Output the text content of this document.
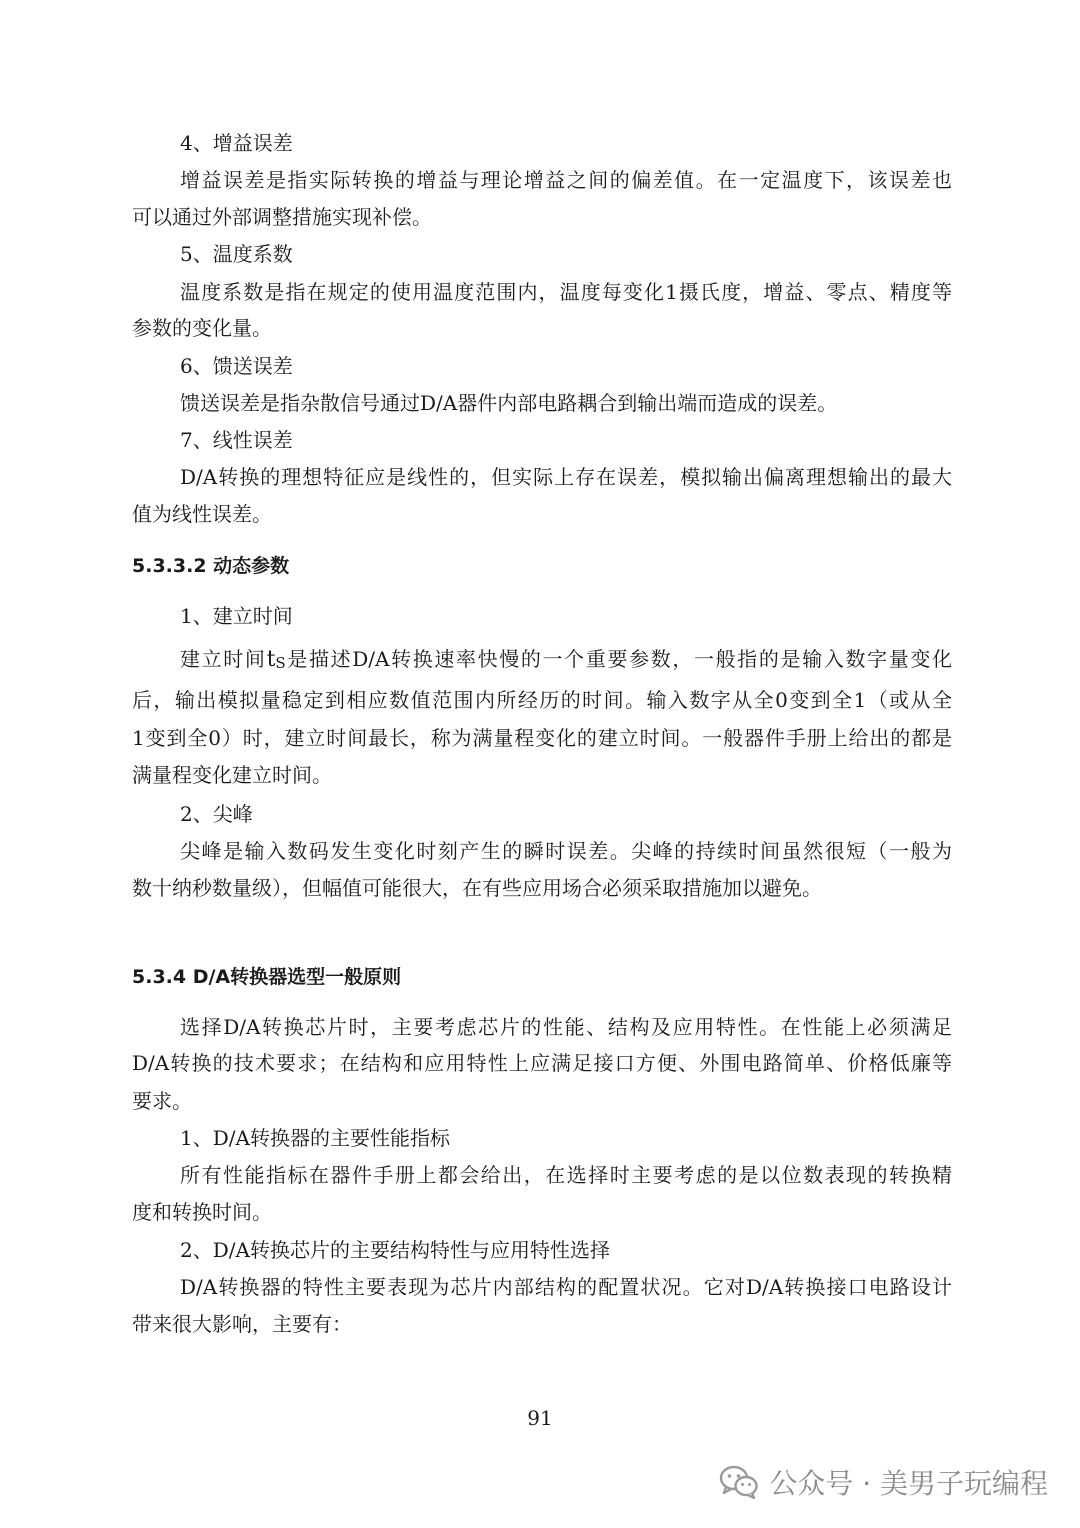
4、增益误差
增益误差是指实际转换的增益与理论增益之间的偏差值。在一定温度下，该误差也
可以通过外部调整措施实现补偿。
5、温度系数
温度系数是指在规定的使用温度范围内，温度每变化1摄氏度，增益、零点、精度等
参数的变化量。
6、馈送误差
馈送误差是指杂散信号通过D/A器件内部电路耦合到输出端而造成的误差。
7、线性误差
D/A转换的理想特征应是线性的，但实际上存在误差，模拟输出偏离理想输出的最大
值为线性误差。
5.3.3.2 动态参数
1、建立时间
建立时间$t_S$是描述D/A转换速率快慢的一个重要参数，一般指的是输入数字量变化
后，输出模拟量稳定到相应数值范围内所经历的时间。输入数字从全0变到全1（或从全
1变到全0）时，建立时间最长，称为满量程变化的建立时间。一般器件手册上给出的都是
满量程变化建立时间。
2、尖峰
尖峰是输入数码发生变化时刻产生的瞬时误差。尖峰的持续时间虽然很短（一般为
数十纳秒数量级），但幅值可能很大，在有些应用场合必须采取措施加以避免。
5.3.4 D/A转换器选型一般原则
选择D/A转换芯片时，主要考虑芯片的性能、结构及应用特性。在性能上必须满足
D/A转换的技术要求；在结构和应用特性上应满足接口方便、外围电路简单、价格低廉等
要求。
1、D/A转换器的主要性能指标
所有性能指标在器件手册上都会给出，在选择时主要考虑的是以位数表现的转换精
度和转换时间。
2、D/A转换芯片的主要结构特性与应用特性选择
D/A转换器的特性主要表现为芯片内部结构的配置状况。它对D/A转换接口电路设计
带来很大影响，主要有：
91
公众号 · 美男子玩编程
